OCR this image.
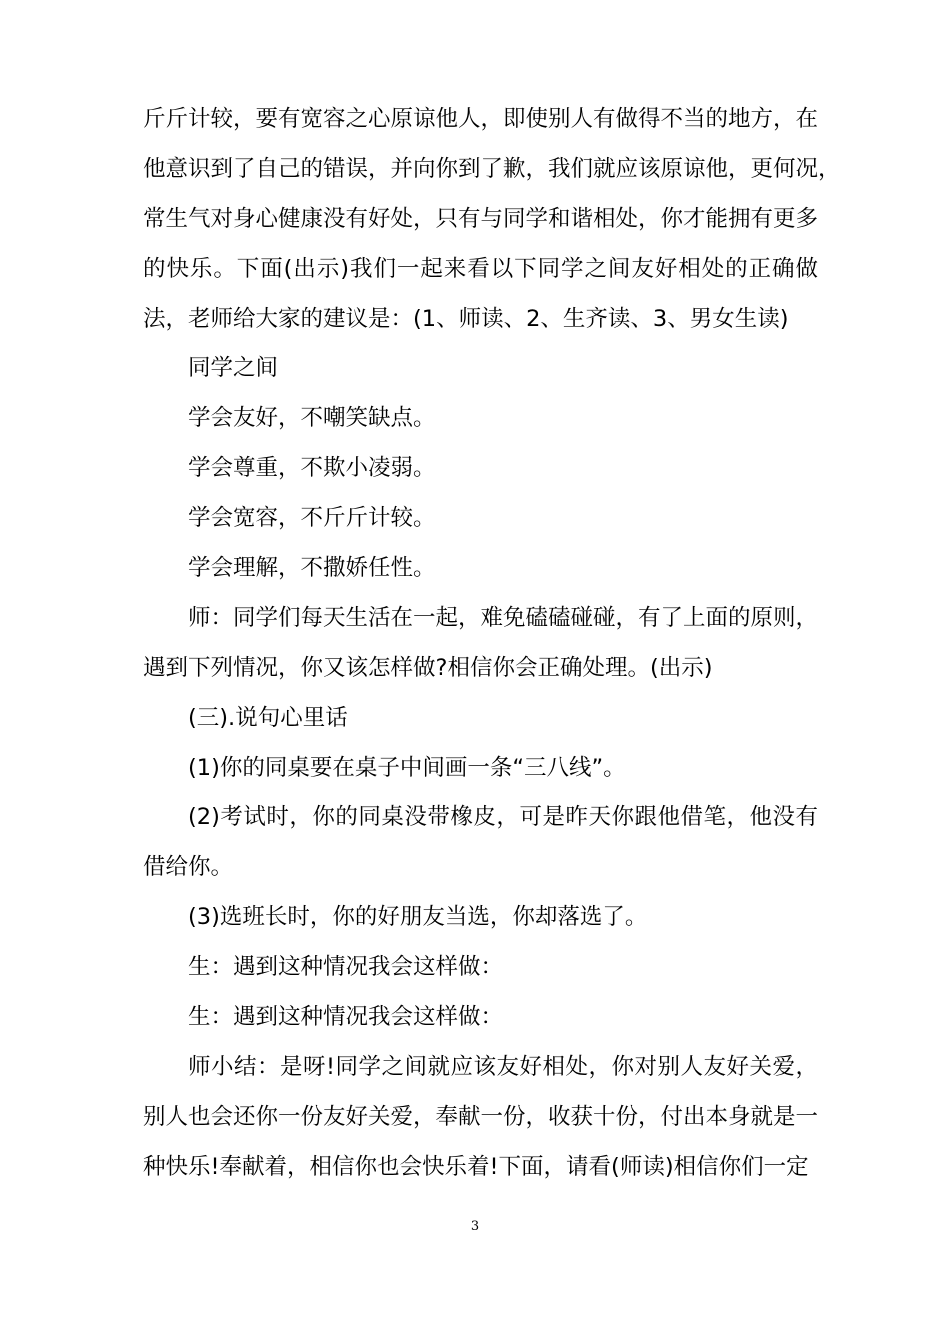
斤斤计较，要有宽容之心原谅他人，即使别人有做得不当的地方，在
他意识到了自己的错误，并向你到了歉，我们就应该原谅他，更何况，
常生气对身心健康没有好处，只有与同学和谐相处，你才能拥有更多
的快乐。下面(出示)我们一起来看以下同学之间友好相处的正确做
法，老师给大家的建议是：(1、师读、2、生齐读、3、男女生读)
同学之间
学会友好，不嘲笑缺点。
学会尊重，不欺小凌弱。
学会宽容，不斤斤计较。
学会理解，不撒娇任性。
师：同学们每天生活在一起，难免磕磕碰碰，有了上面的原则，
遇到下列情况，你又该怎样做?相信你会正确处理。(出示)
(三).说句心里话
(1)你的同桌要在桌子中间画一条“三八线”。
(2)考试时，你的同桌没带橡皮，可是昨天你跟他借笔，他没有
借给你。
(3)选班长时，你的好朋友当选，你却落选了。
生：遇到这种情况我会这样做：
生：遇到这种情况我会这样做：
师小结：是呀!同学之间就应该友好相处，你对别人友好关爱，
别人也会还你一份友好关爱，奉献一份，收获十份，付出本身就是一
种快乐!奉献着，相信你也会快乐着!下面，请看(师读)相信你们一定
3
